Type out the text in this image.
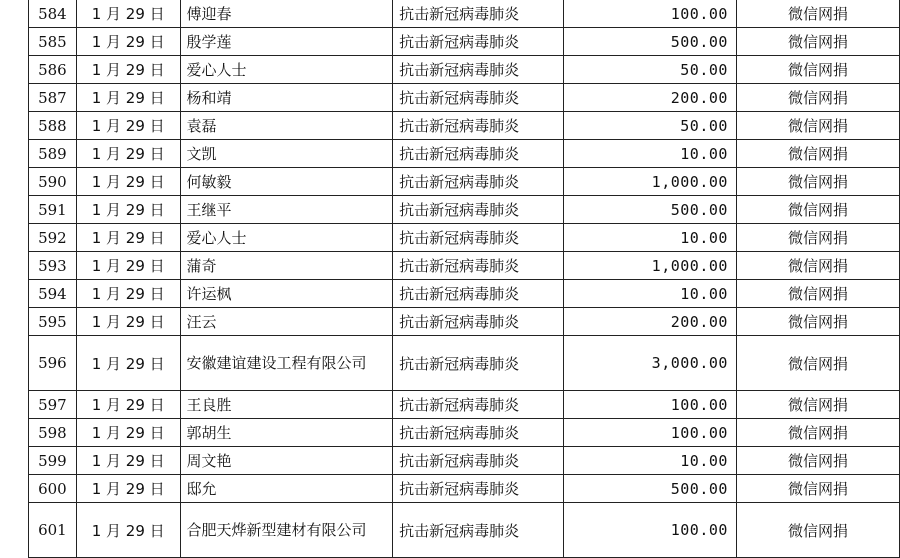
584	1 月 29 日	傅迎春	抗击新冠病毒肺炎	100.00	微信网捐
585	1 月 29 日	殷学莲	抗击新冠病毒肺炎	500.00	微信网捐
586	1 月 29 日	爱心人士	抗击新冠病毒肺炎	50.00	微信网捐
587	1 月 29 日	杨和靖	抗击新冠病毒肺炎	200.00	微信网捐
588	1 月 29 日	袁磊	抗击新冠病毒肺炎	50.00	微信网捐
589	1 月 29 日	文凯	抗击新冠病毒肺炎	10.00	微信网捐
590	1 月 29 日	何敏毅	抗击新冠病毒肺炎	1,000.00	微信网捐
591	1 月 29 日	王继平	抗击新冠病毒肺炎	500.00	微信网捐
592	1 月 29 日	爱心人士	抗击新冠病毒肺炎	10.00	微信网捐
593	1 月 29 日	蒲奇	抗击新冠病毒肺炎	1,000.00	微信网捐
594	1 月 29 日	许运枫	抗击新冠病毒肺炎	10.00	微信网捐
595	1 月 29 日	汪云	抗击新冠病毒肺炎	200.00	微信网捐
596	1 月 29 日	安徽建谊建设工程有限公司	抗击新冠病毒肺炎	3,000.00	微信网捐
597	1 月 29 日	王良胜	抗击新冠病毒肺炎	100.00	微信网捐
598	1 月 29 日	郭胡生	抗击新冠病毒肺炎	100.00	微信网捐
599	1 月 29 日	周文艳	抗击新冠病毒肺炎	10.00	微信网捐
600	1 月 29 日	邸允	抗击新冠病毒肺炎	500.00	微信网捐
601	1 月 29 日	合肥天烨新型建材有限公司	抗击新冠病毒肺炎	100.00	微信网捐
